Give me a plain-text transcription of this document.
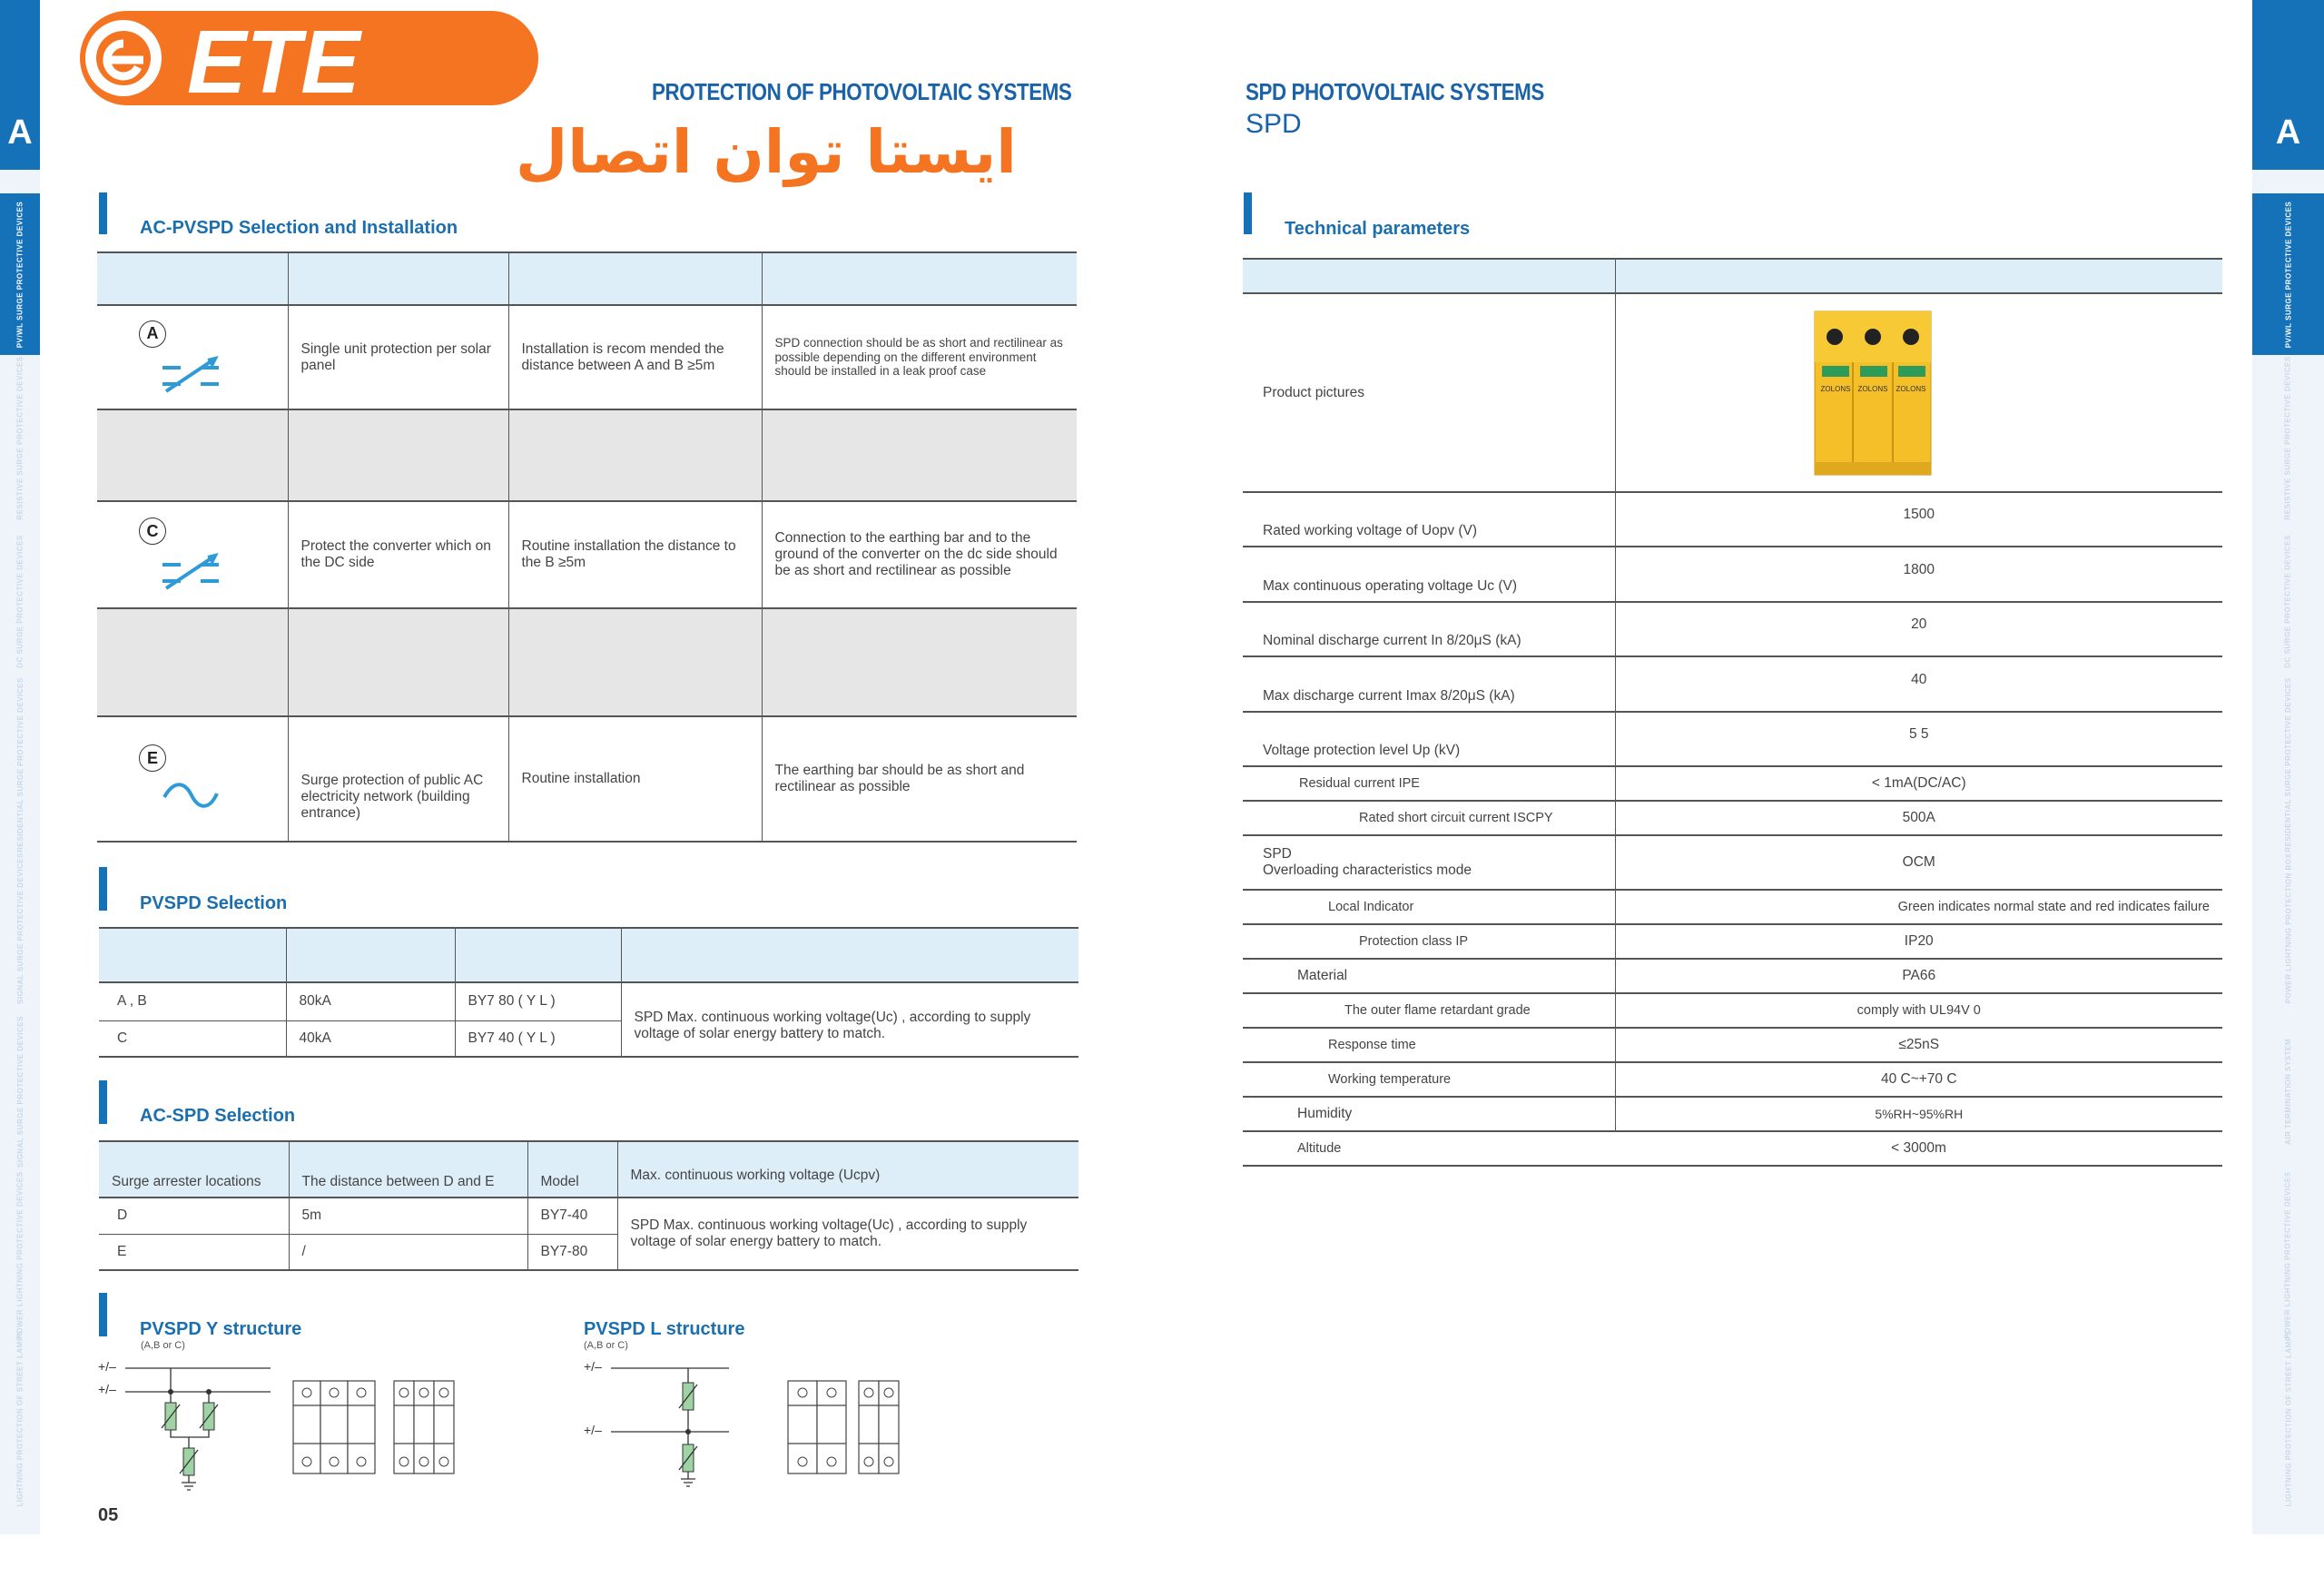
A
PV/WL SURGE PROTECTIVE DEVICES
RESISTIVE SURGE PROTECTIVE DEVICES
DC SURGE PROTECTIVE DEVICES
RESIDENTIAL SURGE PROTECTIVE DEVICES
SIGNAL SURGE PROTECTIVE DEVICES
SIGNAL SURGE PROTECTIVE DEVICES
POWER LIGHTNING PROTECTIVE DEVICES
LIGHTNING PROTECTION OF STREET LAMPS
A
PV/WL SURGE PROTECTIVE DEVICES
RESISTIVE SURGE PROTECTIVE DEVICES
DC SURGE PROTECTIVE DEVICES
RESIDENTIAL SURGE PROTECTIVE DEVICES
POWER LIGHTNING PROTECTION BOX
AIR TERMINATION SYSTEM
POWER LIGHTNING PROTECTIVE DEVICES
LIGHTNING PROTECTION OF STREET LAMPS
ETE
ایستا توان اتصال
PROTECTION OF PHOTOVOLTAIC SYSTEMS	SPD PHOTOVOLTAIC SYSTEMS
SPD
AC-PVSPD Selection and Installation

A	Single unit protection per solar panel	Installation is recom mended the distance between A and B ≥5m	SPD connection should be as short and rectilinear as possible depending on the different environment should be installed in a leak proof case

C	Protect the converter which on the DC side	Routine installation the distance to the B ≥5m	Connection to the earthing bar and to the ground of the converter on the dc side should be as short and rectilinear as possible

E	Surge protection of public AC electricity network (building entrance)	Routine installation	The earthing bar should be as short and rectilinear as possible
PVSPD Selection

A , B	80kA	BY7 80 ( Y L )	SPD Max. continuous working voltage(Uc) , according to supply voltage of solar energy battery to match.
C	40kA	BY7 40 ( Y L )	
AC-SPD Selection
Surge arrester locations	The distance between D and E	Model	Max. continuous working voltage (Ucpv)
D	5m	BY7-40	SPD Max. continuous working voltage(Uc) , according to supply voltage of solar energy battery to match.
E	/	BY7-80	
PVSPD Y structure
(A,B or C)
PVSPD L structure
(A,B or C)
+/–
+/–
+/–
+/–
05
Technical parameters

Product pictures	ZOLONS ZOLONS ZOLONS

Rated working voltage of Uopv (V)	1500
Max continuous operating voltage Uc (V)	1800
Nominal discharge current In 8/20μS (kA)	20
Max discharge current Imax 8/20μS (kA)	40
Voltage protection level Up (kV)	5 5
Residual current IPE	< 1mA(DC/AC)
Rated short circuit current ISCPY	500A
SPD
Overloading characteristics mode	OCM
Local Indicator	Green indicates normal state and red indicates failure
Protection class IP	IP20
Material	PA66
The outer flame retardant grade	comply with UL94V 0
Response time	≤25nS
Working temperature	40 C~+70 C
Humidity	5%RH~95%RH
Altitude	< 3000m
